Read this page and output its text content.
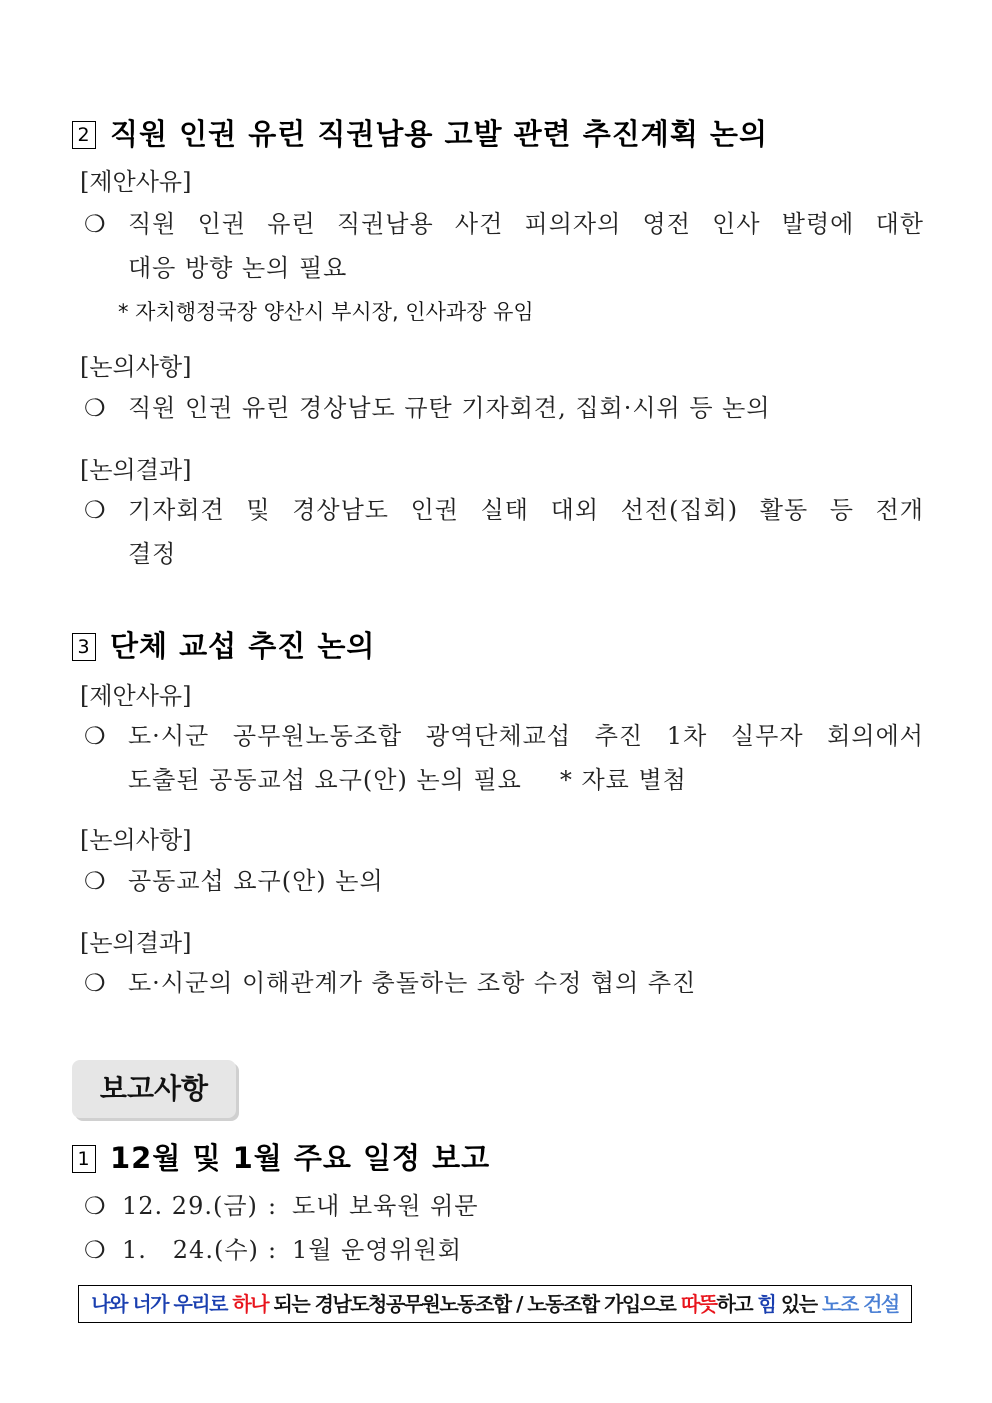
2 직원 인권 유린 직권남용 고발 관련 추진계획 논의
[제안사유]
❍ 직원 인권 유린 직권남용 사건 피의자의 영전 인사 발령에 대한
대응 방향 논의 필요
* 자치행정국장 양산시 부시장, 인사과장 유임
[논의사항]
❍ 직원 인권 유린 경상남도 규탄 기자회견, 집회·시위 등 논의
[논의결과]
❍ 기자회견 및 경상남도 인권 실태 대외 선전(집회) 활동 등 전개
결정
3 단체 교섭 추진 논의
[제안사유]
❍ 도·시군 공무원노동조합 광역단체교섭 추진 1차 실무자 회의에서
도출된 공동교섭 요구(안) 논의 필요 * 자료 별첨
[논의사항]
❍ 공동교섭 요구(안) 논의
[논의결과]
❍ 도·시군의 이해관계가 충돌하는 조항 수정 협의 추진
보고사항
1 12월 및 1월 주요 일정 보고
❍ 12. 29.(금) : 도내 보육원 위문
❍ 1.   24.(수) : 1월 운영위원회
나와 너가 우리로 하나 되는 경남도청공무원노동조합 / 노동조합 가입으로 따뜻하고 힘 있는 노조 건설
